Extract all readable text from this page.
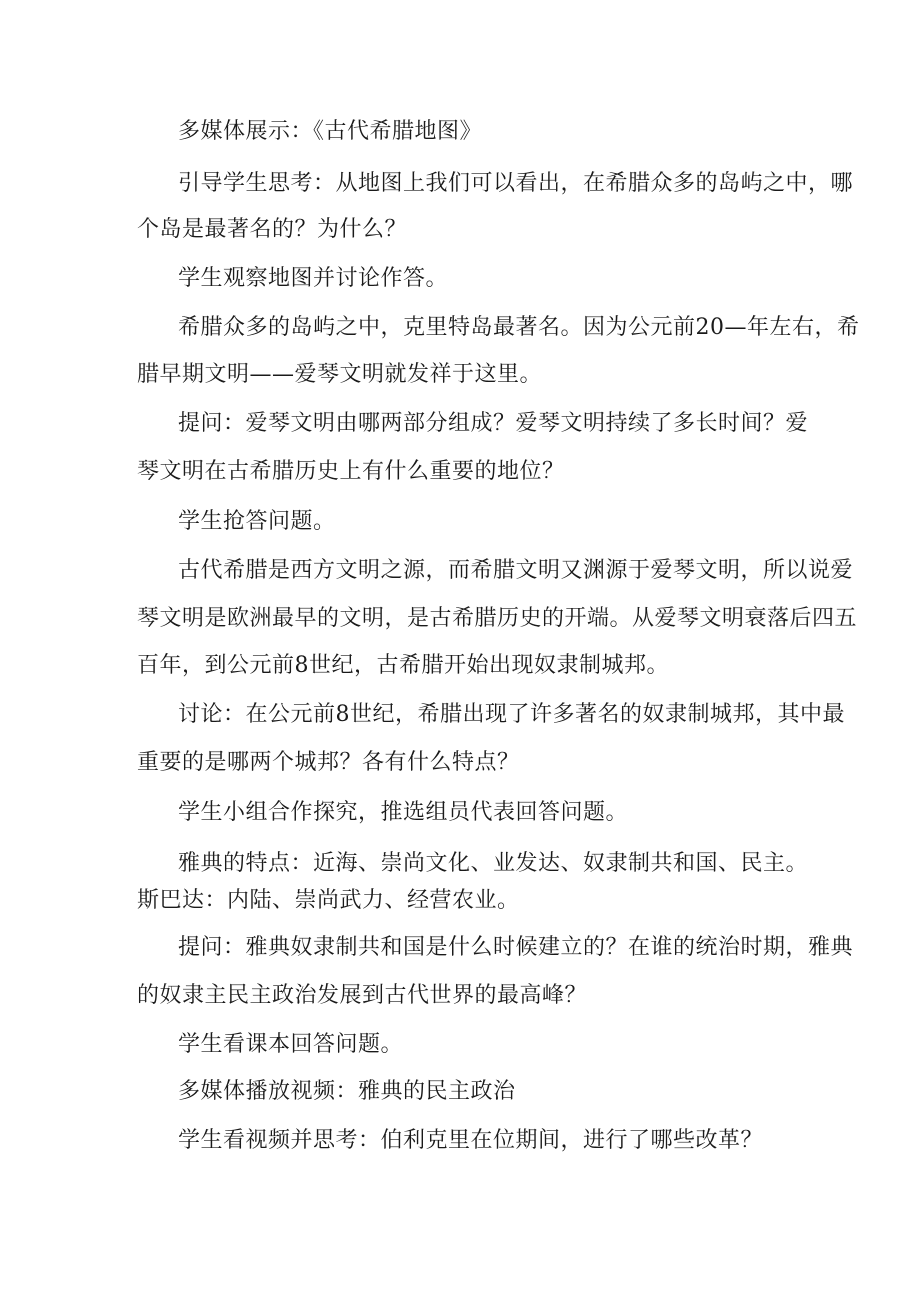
多媒体展示：《古代希腊地图》
引导学生思考：从地图上我们可以看出，在希腊众多的岛屿之中，哪
个岛是最著名的？为什么？
学生观察地图并讨论作答。
希腊众多的岛屿之中，克里特岛最著名。因为公元前20—年左右，希
腊早期文明——爱琴文明就发祥于这里。
提问：爱琴文明由哪两部分组成？爱琴文明持续了多长时间？爱
琴文明在古希腊历史上有什么重要的地位？
学生抢答问题。
古代希腊是西方文明之源，而希腊文明又渊源于爱琴文明，所以说爱
琴文明是欧洲最早的文明，是古希腊历史的开端。从爱琴文明衰落后四五
百年，到公元前8世纪，古希腊开始出现奴隶制城邦。
讨论：在公元前8世纪，希腊出现了许多著名的奴隶制城邦，其中最
重要的是哪两个城邦？各有什么特点？
学生小组合作探究，推选组员代表回答问题。
雅典的特点：近海、崇尚文化、业发达、奴隶制共和国、民主。
斯巴达：内陆、崇尚武力、经营农业。
提问：雅典奴隶制共和国是什么时候建立的？在谁的统治时期，雅典
的奴隶主民主政治发展到古代世界的最高峰？
学生看课本回答问题。
多媒体播放视频：雅典的民主政治
学生看视频并思考：伯利克里在位期间，进行了哪些改革？
